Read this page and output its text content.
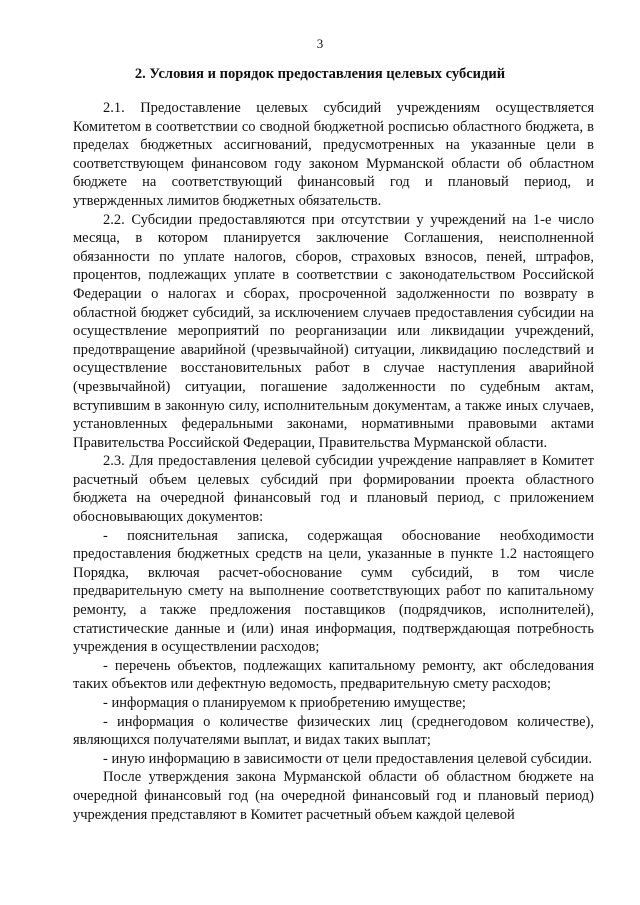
3
2. Условия и порядок предоставления целевых субсидий

2.1. Предоставление целевых субсидий учреждениям осуществляется Комитетом в соответствии со сводной бюджетной росписью областного бюджета, в пределах бюджетных ассигнований, предусмотренных на указанные цели в соответствующем финансовом году законом Мурманской области об областном бюджете на соответствующий финансовый год и плановый период, и утвержденных лимитов бюджетных обязательств.

2.2. Субсидии предоставляются при отсутствии у учреждений на 1-е число месяца, в котором планируется заключение Соглашения, неисполненной обязанности по уплате налогов, сборов, страховых взносов, пеней, штрафов, процентов, подлежащих уплате в соответствии с законодательством Российской Федерации о налогах и сборах, просроченной задолженности по возврату в областной бюджет субсидий, за исключением случаев предоставления субсидии на осуществление мероприятий по реорганизации или ликвидации учреждений, предотвращение аварийной (чрезвычайной) ситуации, ликвидацию последствий и осуществление восстановительных работ в случае наступления аварийной (чрезвычайной) ситуации, погашение задолженности по судебным актам, вступившим в законную силу, исполнительным документам, а также иных случаев, установленных федеральными законами, нормативными правовыми актами Правительства Российской Федерации, Правительства Мурманской области.

2.3. Для предоставления целевой субсидии учреждение направляет в Комитет расчетный объем целевых субсидий при формировании проекта областного бюджета на очередной финансовый год и плановый период, с приложением обосновывающих документов:

- пояснительная записка, содержащая обоснование необходимости предоставления бюджетных средств на цели, указанные в пункте 1.2 настоящего Порядка, включая расчет-обоснование сумм субсидий, в том числе предварительную смету на выполнение соответствующих работ по капитальному ремонту, а также предложения поставщиков (подрядчиков, исполнителей), статистические данные и (или) иная информация, подтверждающая потребность учреждения в осуществлении расходов;

- перечень объектов, подлежащих капитальному ремонту, акт обследования таких объектов или дефектную ведомость, предварительную смету расходов;

- информация о планируемом к приобретению имуществе;

- информация о количестве физических лиц (среднегодовом количестве), являющихся получателями выплат, и видах таких выплат;

- иную информацию в зависимости от цели предоставления целевой субсидии.

После утверждения закона Мурманской области об областном бюджете на очередной финансовый год (на очередной финансовый год и плановый период) учреждения представляют в Комитет расчетный объем каждой целевой
